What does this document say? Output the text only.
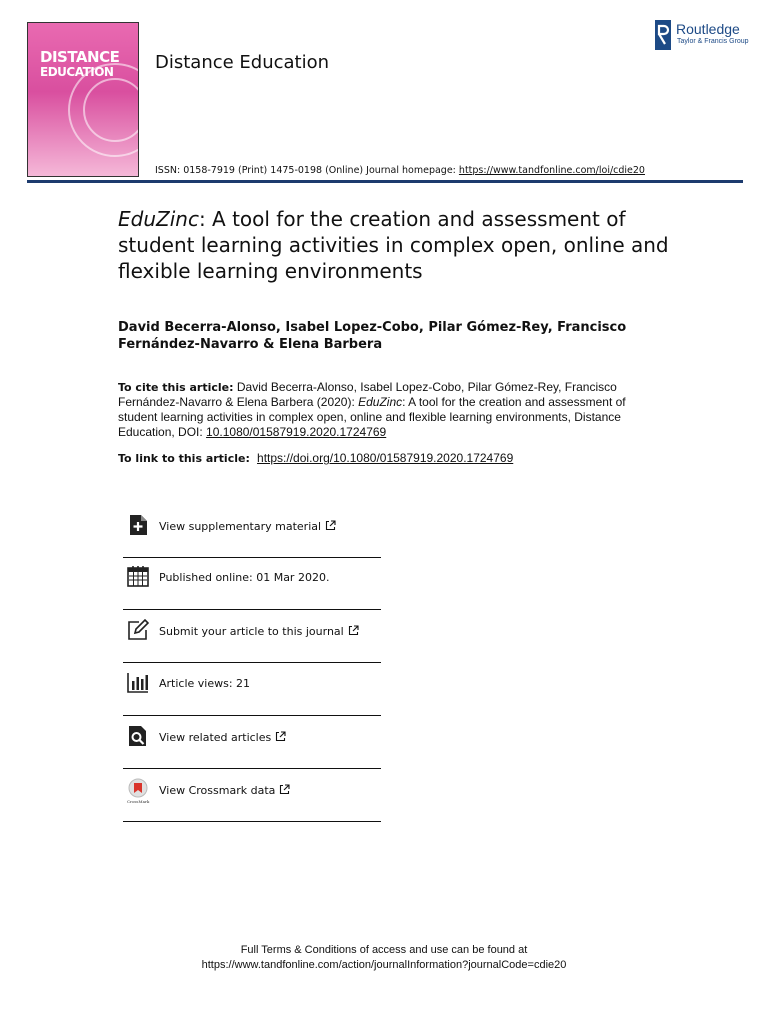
DISTANCE
EDUCATION Distance Education
Routledge
Taylor & Francis Group
ISSN: 0158-7919 (Print) 1475-0198 (Online) Journal homepage: https://www.tandfonline.com/loi/cdie20
EduZinc: A tool for the creation and assessment of student learning activities in complex open, online and flexible learning environments
David Becerra-Alonso, Isabel Lopez-Cobo, Pilar Gómez-Rey, Francisco Fernández-Navarro & Elena Barbera
To cite this article: David Becerra-Alonso, Isabel Lopez-Cobo, Pilar Gómez-Rey, Francisco Fernández-Navarro & Elena Barbera (2020): EduZinc: A tool for the creation and assessment of student learning activities in complex open, online and flexible learning environments, Distance Education, DOI: 10.1080/01587919.2020.1724769
To link to this article:  https://doi.org/10.1080/01587919.2020.1724769
View supplementary material
Published online: 01 Mar 2020.
Submit your article to this journal
Article views: 21
View related articles
CrossMark
View Crossmark data
Full Terms & Conditions of access and use can be found at
https://www.tandfonline.com/action/journalInformation?journalCode=cdie20
